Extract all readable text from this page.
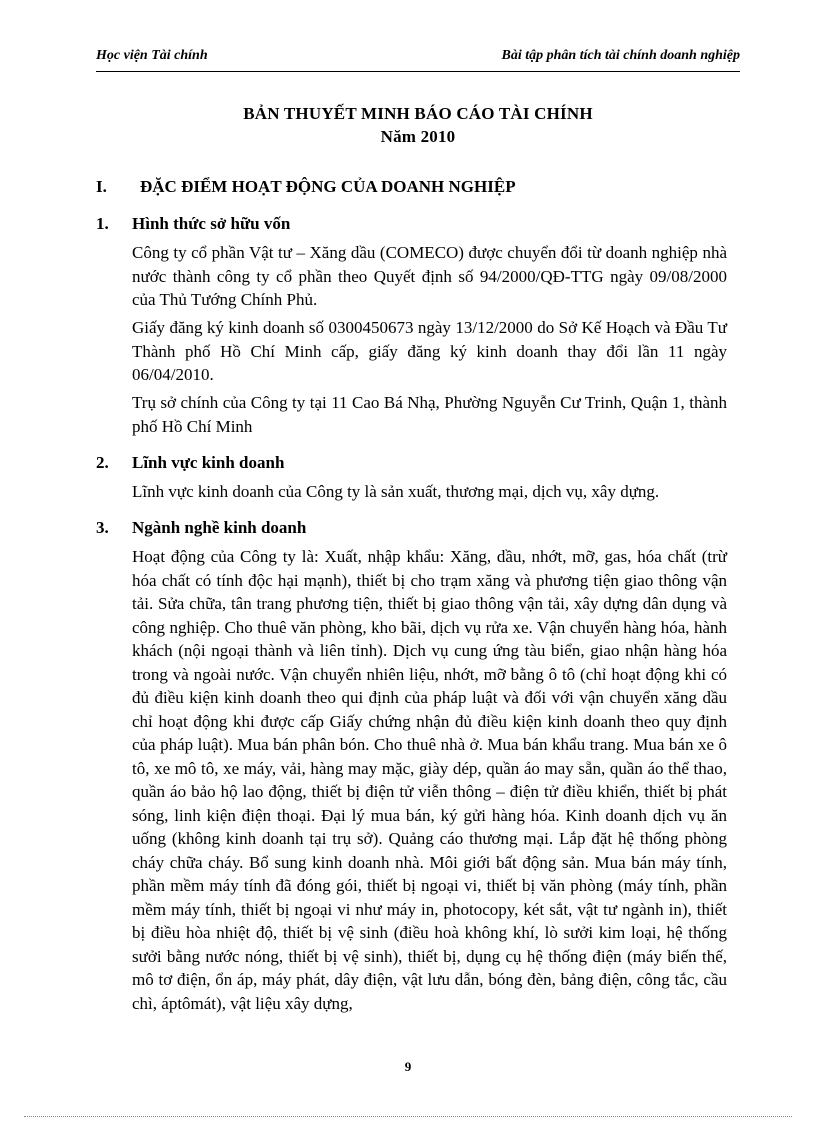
Học viện Tài chính	Bài tập phân tích tài chính doanh nghiệp
BẢN THUYẾT MINH BÁO CÁO TÀI CHÍNH
Năm 2010
I. ĐẶC ĐIỂM HOẠT ĐỘNG CỦA DOANH NGHIỆP
1. Hình thức sở hữu vốn

Công ty cổ phần Vật tư – Xăng dầu (COMECO) được chuyển đổi từ doanh nghiệp nhà nước thành công ty cổ phần theo Quyết định số 94/2000/QĐ-TTG ngày 09/08/2000 của Thủ Tướng Chính Phủ.

Giấy đăng ký kinh doanh số 0300450673 ngày 13/12/2000 do Sở Kế Hoạch và Đầu Tư Thành phố Hồ Chí Minh cấp, giấy đăng ký kinh doanh thay đổi lần 11 ngày 06/04/2010.

Trụ sở chính của Công ty tại 11 Cao Bá Nhạ, Phường Nguyễn Cư Trinh, Quận 1, thành phố Hồ Chí Minh

2. Lĩnh vực kinh doanh

Lĩnh vực kinh doanh của Công ty là sản xuất, thương mại, dịch vụ, xây dựng.

3. Ngành nghề kinh doanh

Hoạt động của Công ty là: Xuất, nhập khẩu: Xăng, dầu, nhớt, mỡ, gas, hóa chất (trừ hóa chất có tính độc hại mạnh), thiết bị cho trạm xăng và phương tiện giao thông vận tải. Sửa chữa, tân trang phương tiện, thiết bị giao thông vận tải, xây dựng dân dụng và công nghiệp. Cho thuê văn phòng, kho bãi, dịch vụ rửa xe. Vận chuyển hàng hóa, hành khách (nội ngoại thành và liên tỉnh). Dịch vụ cung ứng tàu biển, giao nhận hàng hóa trong và ngoài nước. Vận chuyển nhiên liệu, nhớt, mỡ bằng ô tô (chỉ hoạt động khi có đủ điều kiện kinh doanh theo qui định của pháp luật và đối với vận chuyển xăng dầu chỉ hoạt động khi được cấp Giấy chứng nhận đủ điều kiện kinh doanh theo quy định của pháp luật). Mua bán phân bón. Cho thuê nhà ở. Mua bán khẩu trang. Mua bán xe ô tô, xe mô tô, xe máy, vải, hàng may mặc, giày dép, quần áo may sẵn, quần áo thể thao, quần áo bảo hộ lao động, thiết bị điện tử viễn thông – điện tử điều khiển, thiết bị phát sóng, linh kiện điện thoại. Đại lý mua bán, ký gửi hàng hóa. Kinh doanh dịch vụ ăn uống (không kinh doanh tại trụ sở). Quảng cáo thương mại. Lắp đặt hệ thống phòng cháy chữa cháy. Bổ sung kinh doanh nhà. Môi giới bất động sản. Mua bán máy tính, phần mềm máy tính đã đóng gói, thiết bị ngoại vi, thiết bị văn phòng (máy tính, phần mềm máy tính, thiết bị ngoại vi như máy in, photocopy, két sắt, vật tư ngành in), thiết bị điều hòa nhiệt độ, thiết bị vệ sinh (điều hoà không khí, lò sưởi kim loại, hệ thống sưởi bằng nước nóng, thiết bị vệ sinh), thiết bị, dụng cụ hệ thống điện (máy biến thế, mô tơ điện, ổn áp, máy phát, dây điện, vật lưu dẫn, bóng đèn, bảng điện, công tắc, cầu chì, áptômát), vật liệu xây dựng,

9
